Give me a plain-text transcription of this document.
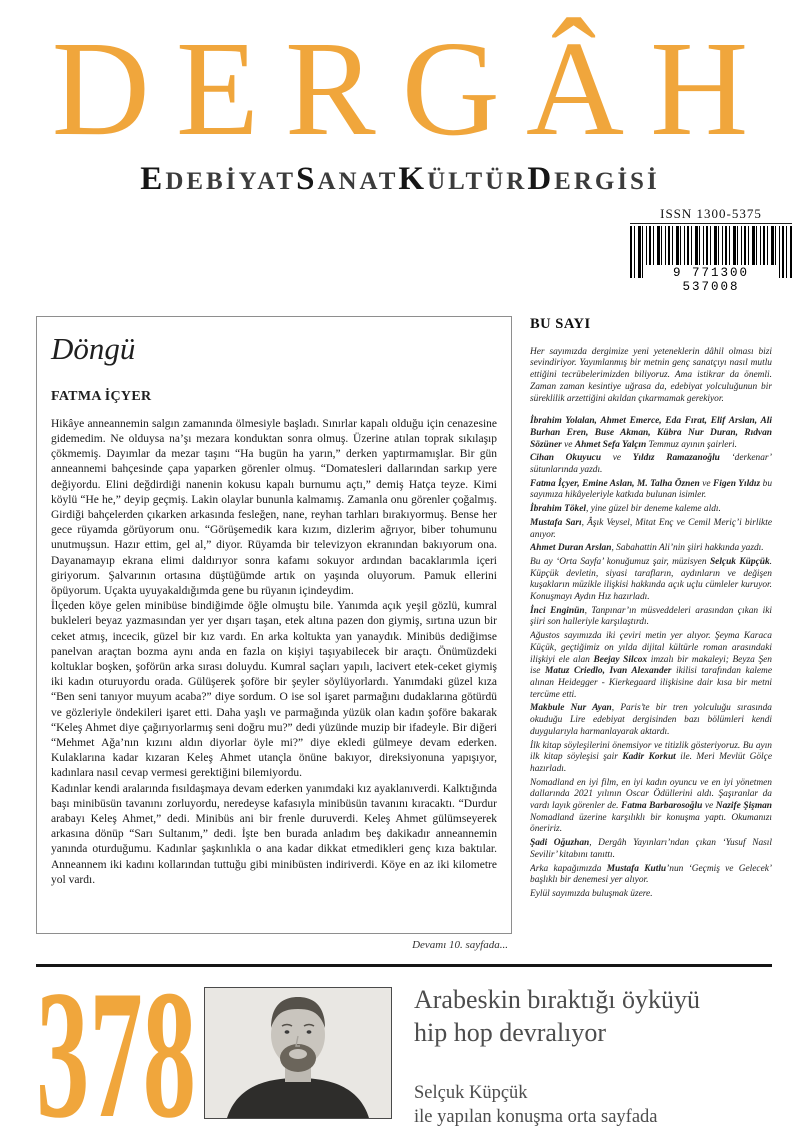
DERGÂH
EDEBİYATSANATKÜLTÜRDERGİSİ
ISSN 1300-5375
9 771300 537008
Döngü
FATMA İÇYER

Hikâye anneannemin salgın zamanında ölmesiyle başladı. Sınırlar kapalı olduğu için cenazesine gidemedim. Ne olduysa na’şı mezara konduktan sonra olmuş. Üzerine atılan toprak sıkılaşıp çökmemiş. Dayımlar da mezar taşını “Ha bugün ha yarın,” derken yaptırmamışlar. Bir gün anneannemi bahçesinde çapa yaparken görenler olmuş. “Domatesleri dallarından sarkıp yere değiyordu. Elini değdirdiği nanenin kokusu kapalı burnumu açtı,” demiş Hatça teyze. Kimi köylü “He he,” deyip geçmiş. Lakin olaylar bununla kalmamış. Zamanla onu görenler çoğalmış. Girdiği bahçelerden çıkarken arkasında fesleğen, nane, reyhan tarhları bırakıyormuş. Bense her gece rüyamda görüyorum onu. “Görüşemedik kara kızım, dizlerim ağrıyor, biber tohumunu unutmuşsun. Hazır ettim, gel al,” diyor. Rüyamda bir televizyon ekranından bakıyorum ona. Dayanamayıp ekrana elimi daldırıyor sonra kafamı sokuyor ardından bacaklarımla içeri giriyorum. Şalvarının ortasına düştüğümde artık on yaşında oluyorum. Pamuk ellerini öpüyorum. Uçakta uyuyakaldığımda gene bu rüyanın içindeydim.

İlçeden köye gelen minibüse bindiğimde öğle olmuştu bile. Yanımda açık yeşil gözlü, kumral bukleleri beyaz yazmasından yer yer dışarı taşan, etek altına pazen don giymiş, sırtına uzun bir ceket atmış, incecik, güzel bir kız vardı. En arka koltukta yan yanaydık. Minibüs dediğimse panelvan araçtan bozma aynı anda en fazla on kişiyi taşıyabilecek bir araçtı. Önümüzdeki koltuklar boşken, şoförün arka sırası doluydu. Kumral saçları yapılı, lacivert etek-ceket giymiş iki kadın oturuyordu orada. Gülüşerek şoföre bir şeyler söylüyorlardı. Yanımdaki güzel kıza “Ben seni tanıyor muyum acaba?” diye sordum. O ise sol işaret parmağını dudaklarına götürdü ve gözleriyle öndekileri işaret etti. Daha yaşlı ve parmağında yüzük olan kadın şoföre bakarak “Keleş Ahmet diye çağırıyorlarmış seni doğru mu?” dedi yüzünde muzip bir ifadeyle. Bir diğeri “Mehmet Ağa’nın kızını aldın diyorlar öyle mi?” diye ekledi gülmeye devam ederken. Kulaklarına kadar kızaran Keleş Ahmet utançla önüne bakıyor, direksiyonuna yapışıyor, kadınlara nasıl cevap vermesi gerektiğini bilemiyordu.

Kadınlar kendi aralarında fısıldaşmaya devam ederken yanımdaki kız ayaklanıverdi. Kalktığında başı minibüsün tavanını zorluyordu, neredeyse kafasıyla minibüsün tavanını kıracaktı. “Durdur arabayı Keleş Ahmet,” dedi. Minibüs ani bir frenle duruverdi. Keleş Ahmet gülümseyerek arkasına dönüp “Sarı Sultanım,” dedi. İşte ben burada anladım beş dakikadır anneannemin yanında oturduğumu. Kadınlar şaşkınlıkla o ana kadar dikkat etmedikleri genç kıza baktılar. Anneannem iki kadını kollarından tuttuğu gibi minibüsten indiriverdi. Köye en az iki kilometre yol vardı.

Devamı 10. sayfada...
BU SAYI

Her sayımızda dergimize yeni yeteneklerin dâhil olması bizi sevindiriyor. Yayımlanmış bir metnin genç sanatçıyı nasıl mutlu ettiğini tecrübelerimizden biliyoruz. Ama istikrar da önemli. Zaman zaman kesintiye uğrasa da, edebiyat yolculuğunun bir süreklilik arzettiğini akıldan çıkarmamak gerekiyor.

İbrahim Yolalan, Ahmet Emerce, Eda Fırat, Elif Arslan, Ali Burhan Eren, Buse Akman, Kübra Nur Duran, Rıdvan Sözüner ve Ahmet Sefa Yalçın Temmuz ayının şairleri.

Cihan Okuyucu ve Yıldız Ramazanoğlu ‘derkenar’ sütunlarında yazdı.

Fatma İçyer, Emine Aslan, M. Talha Öznen ve Figen Yıldız bu sayımıza hikâyeleriyle katkıda bulunan isimler.

İbrahim Tökel, yine güzel bir deneme kaleme aldı.

Mustafa Sarı, Âşık Veysel, Mitat Enç ve Cemil Meriç’i birlikte anıyor.

Ahmet Duran Arslan, Sabahattin Ali’nin şiiri hakkında yazdı.

Bu ay ‘Orta Sayfa’ konuğumuz şair, müzisyen Selçuk Küpçük. Küpçük devletin, siyasi tarafların, aydınların ve değişen kuşakların müzikle ilişkisi hakkında açık uçlu cümleler kuruyor. Konuşmayı Aydın Hız hazırladı.

İnci Enginün, Tanpınar’ın müsveddeleri arasından çıkan iki şiiri son halleriyle karşılaştırdı.

Ağustos sayımızda iki çeviri metin yer alıyor. Şeyma Karaca Küçük, geçtiğimiz on yılda dijital kültürle roman arasındaki ilişkiyi ele alan Beejay Silcox imzalı bir makaleyi; Beyza Şen ise Matuz Criedlo, Ivan Alexander ikilisi tarafından kaleme alınan Heidegger - Kierkegaard ilişkisine dair kısa bir metni tercüme etti.

Makbule Nur Ayan, Paris’te bir tren yolculuğu sırasında okuduğu Lire edebiyat dergisinden bazı bölümleri kendi duygularıyla harmanlayarak aktardı.

İlk kitap söyleşilerini önemsiyor ve titizlik gösteriyoruz. Bu ayın ilk kitap söyleşisi şair Kadir Korkut ile. Meri Mevlüt Gölçe hazırladı.

Nomadland en iyi film, en iyi kadın oyuncu ve en iyi yönetmen dallarında 2021 yılının Oscar Ödüllerini aldı. Şaşıranlar da vardı layık görenler de. Fatma Barbarosoğlu ve Nazife Şişman Nomadland üzerine karşılıklı bir konuşma yaptı. Okumanızı öneririz.

Şadi Oğuzhan, Dergâh Yayınları’ndan çıkan ‘Yusuf Nasıl Sevilir’ kitabını tanıttı.

Arka kapağımızda Mustafa Kutlu’nun ‘Geçmiş ve Gelecek’ başlıklı bir denemesi yer alıyor.

Eylül sayımızda buluşmak üzere.

378	Arabeskin bıraktığı öyküyü
hip hop devralıyor
Selçuk Küpçük
ile yapılan konuşma orta sayfada
